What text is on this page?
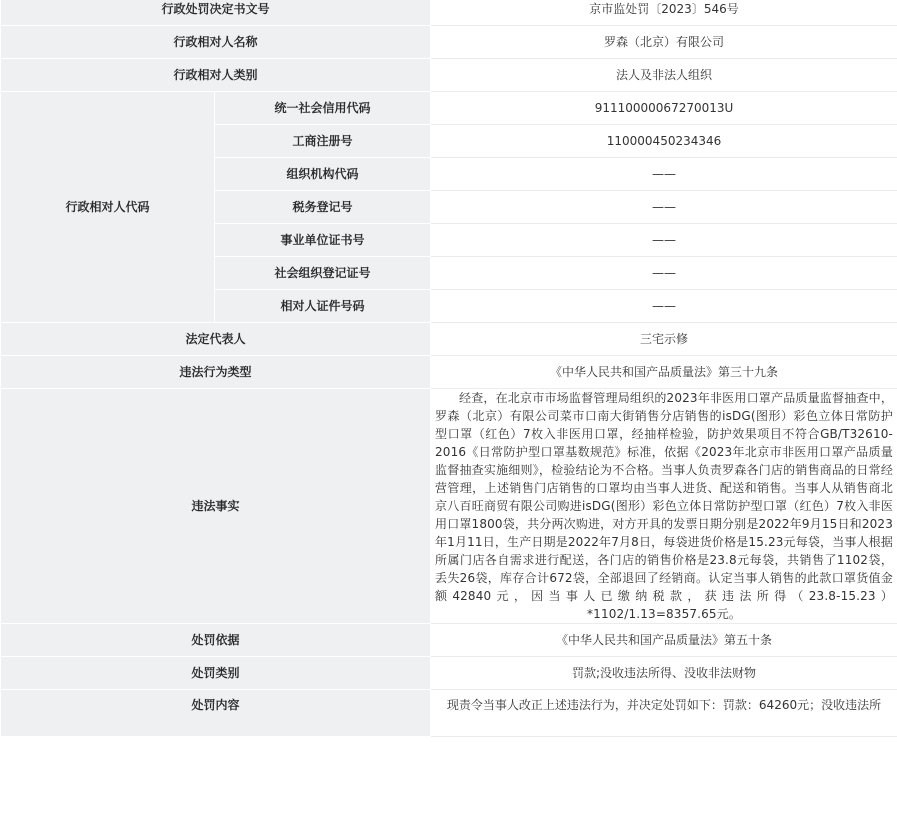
行政处罚决定书文号		京市监处罚〔2023〕546号
行政相对人名称		罗森（北京）有限公司
行政相对人类别		法人及非法人组织
行政相对人代码	统一社会信用代码	91110000067270013U
	工商注册号	110000450234346
	组织机构代码	——
	税务登记号	——
	事业单位证书号	——
	社会组织登记证号	——
	相对人证件号码	——
法定代表人		三宅示修
违法行为类型		《中华人民共和国产品质量法》第三十九条
违法事实		经查，在北京市市场监督管理局组织的2023年非医用口罩产品质量监督抽查中，罗森（北京）有限公司菜市口南大街销售分店销售的isDG(图形）彩色立体日常防护型口罩（红色）7枚入非医用口罩，经抽样检验，防护效果项目不符合GB/T32610-2016《日常防护型口罩基数规范》标准，依据《2023年北京市非医用口罩产品质量监督抽查实施细则》，检验结论为不合格。当事人负责罗森各门店的销售商品的日常经营管理，上述销售门店销售的口罩均由当事人进货、配送和销售。当事人从销售商北京八百旺商贸有限公司购进isDG(图形）彩色立体日常防护型口罩（红色）7枚入非医用口罩1800袋，共分两次购进，对方开具的发票日期分别是2022年9月15日和2023年1月11日，生产日期是2022年7月8日，每袋进货价格是15.23元每袋，当事人根据所属门店各自需求进行配送，各门店的销售价格是23.8元每袋，共销售了1102袋，丢失26袋，库存合计672袋，全部退回了经销商。认定当事人销售的此款口罩货值金额42840元，因当事人已缴纳税款，获违法所得（23.8-15.23）*1102/1.13=8357.65元。

处罚依据		《中华人民共和国产品质量法》第五十条
处罚类别		罚款;没收违法所得、没收非法财物
处罚内容		现责令当事人改正上述违法行为，并决定处罚如下：罚款：64260元；没收违法所
